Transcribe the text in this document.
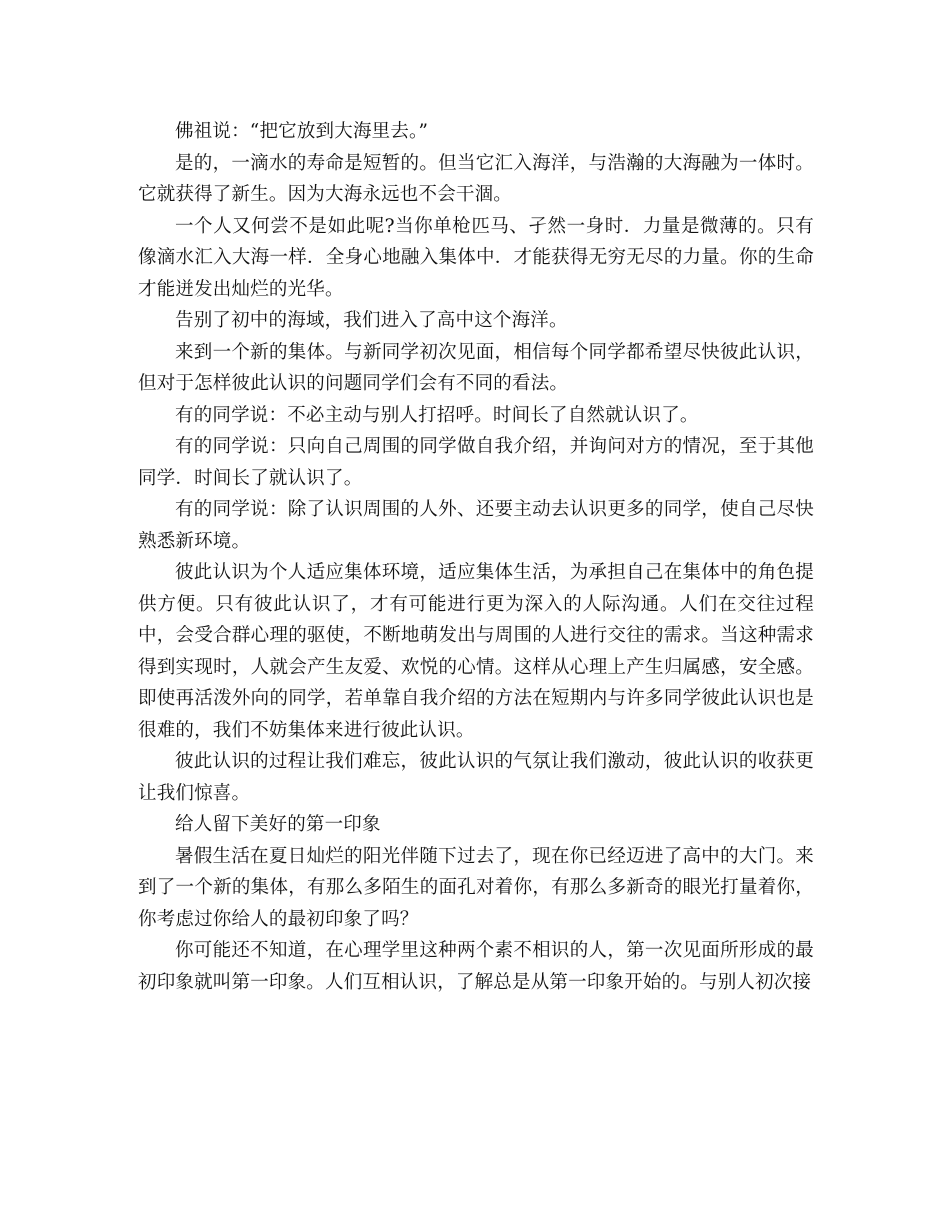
佛祖说：“把它放到大海里去。”

是的，一滴水的寿命是短暂的。但当它汇入海洋，与浩瀚的大海融为一体时。它就获得了新生。因为大海永远也不会干涸。

一个人又何尝不是如此呢?当你单枪匹马、孑然一身时．力量是微薄的。只有像滴水汇入大海一样．全身心地融入集体中．才能获得无穷无尽的力量。你的生命才能迸发出灿烂的光华。

告别了初中的海域，我们进入了高中这个海洋。

来到一个新的集体。与新同学初次见面，相信每个同学都希望尽快彼此认识，但对于怎样彼此认识的问题同学们会有不同的看法。

有的同学说：不必主动与别人打招呼。时间长了自然就认识了。

有的同学说：只向自己周围的同学做自我介绍，并询问对方的情况，至于其他同学．时间长了就认识了。

有的同学说：除了认识周围的人外、还要主动去认识更多的同学，使自己尽快熟悉新环境。

彼此认识为个人适应集体环境，适应集体生活，为承担自己在集体中的角色提供方便。只有彼此认识了，才有可能进行更为深入的人际沟通。人们在交往过程中，会受合群心理的驱使，不断地萌发出与周围的人进行交往的需求。当这种需求得到实现时，人就会产生友爱、欢悦的心情。这样从心理上产生归属感，安全感。即使再活泼外向的同学，若单靠自我介绍的方法在短期内与许多同学彼此认识也是很难的，我们不妨集体来进行彼此认识。

彼此认识的过程让我们难忘，彼此认识的气氛让我们激动，彼此认识的收获更让我们惊喜。

给人留下美好的第一印象

暑假生活在夏日灿烂的阳光伴随下过去了，现在你已经迈进了高中的大门。来到了一个新的集体，有那么多陌生的面孔对着你，有那么多新奇的眼光打量着你，你考虑过你给人的最初印象了吗？

你可能还不知道，在心理学里这种两个素不相识的人，第一次见面所形成的最初印象就叫第一印象。人们互相认识，了解总是从第一印象开始的。与别人初次接
